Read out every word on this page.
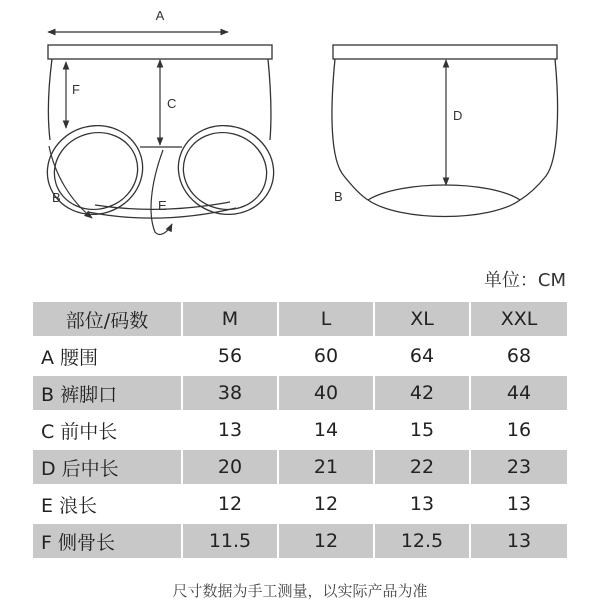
A
F
C
B
E
D
B
单位：CM
部位/码数	M	L	XL	XXL
A 腰围	56	60	64	68
B 裤脚口	38	40	42	44
C 前中长	13	14	15	16
D 后中长	20	21	22	23
E 浪长	12	12	13	13
F 侧骨长	11.5	12	12.5	13
尺寸数据为手工测量，以实际产品为准
